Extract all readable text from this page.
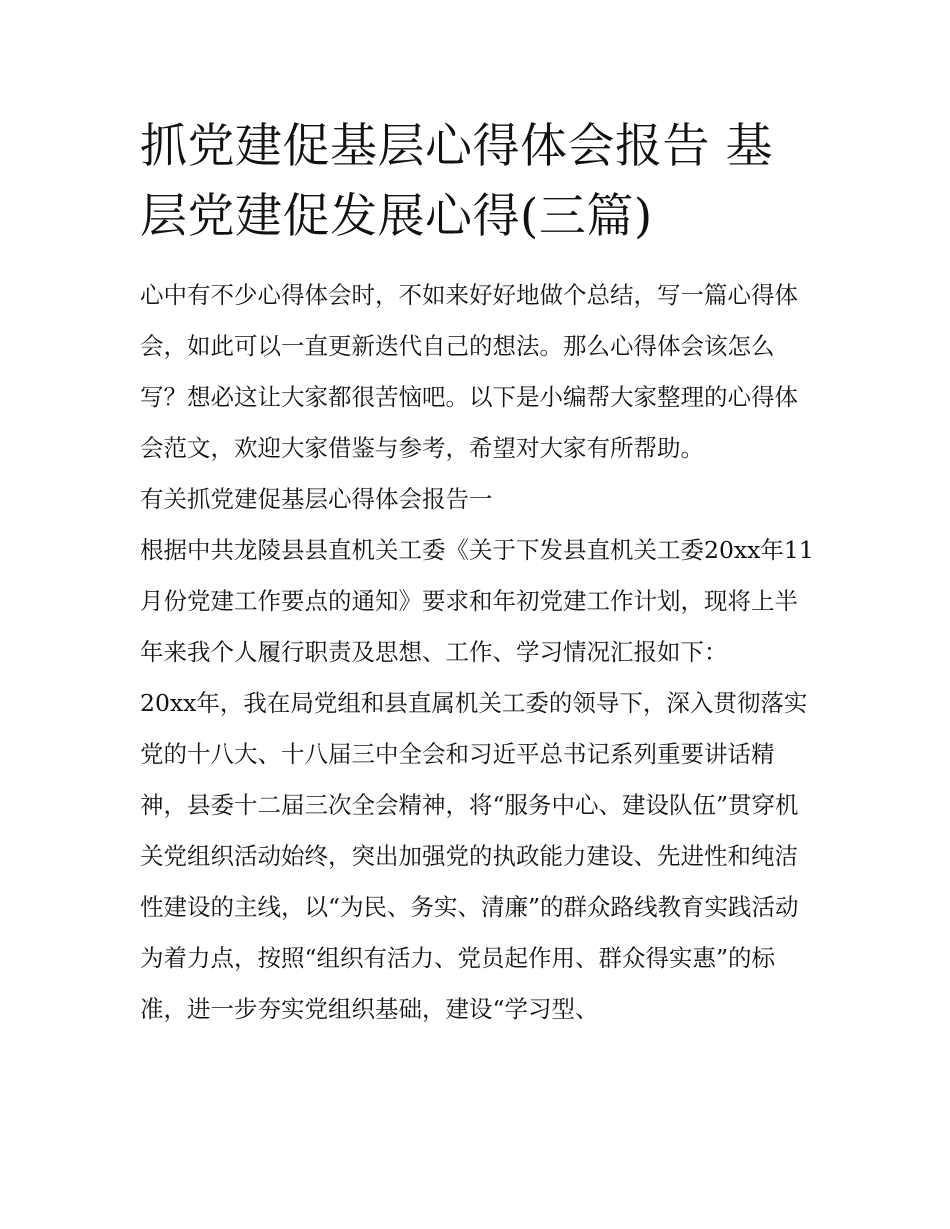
抓党建促基层心得体会报告 基层党建促发展心得(三篇)

心中有不少心得体会时，不如来好好地做个总结，写一篇心得体会，如此可以一直更新迭代自己的想法。那么心得体会该怎么写？想必这让大家都很苦恼吧。以下是小编帮大家整理的心得体会范文，欢迎大家借鉴与参考，希望对大家有所帮助。

有关抓党建促基层心得体会报告一

根据中共龙陵县县直机关工委《关于下发县直机关工委20xx年11月份党建工作要点的通知》要求和年初党建工作计划，现将上半年来我个人履行职责及思想、工作、学习情况汇报如下：

20xx年，我在局党组和县直属机关工委的领导下，深入贯彻落实党的十八大、十八届三中全会和习近平总书记系列重要讲话精神，县委十二届三次全会精神，将“服务中心、建设队伍”贯穿机关党组织活动始终，突出加强党的执政能力建设、先进性和纯洁性建设的主线，以“为民、务实、清廉”的群众路线教育实践活动为着力点，按照“组织有活力、党员起作用、群众得实惠”的标准，进一步夯实党组织基础，建设“学习型、
